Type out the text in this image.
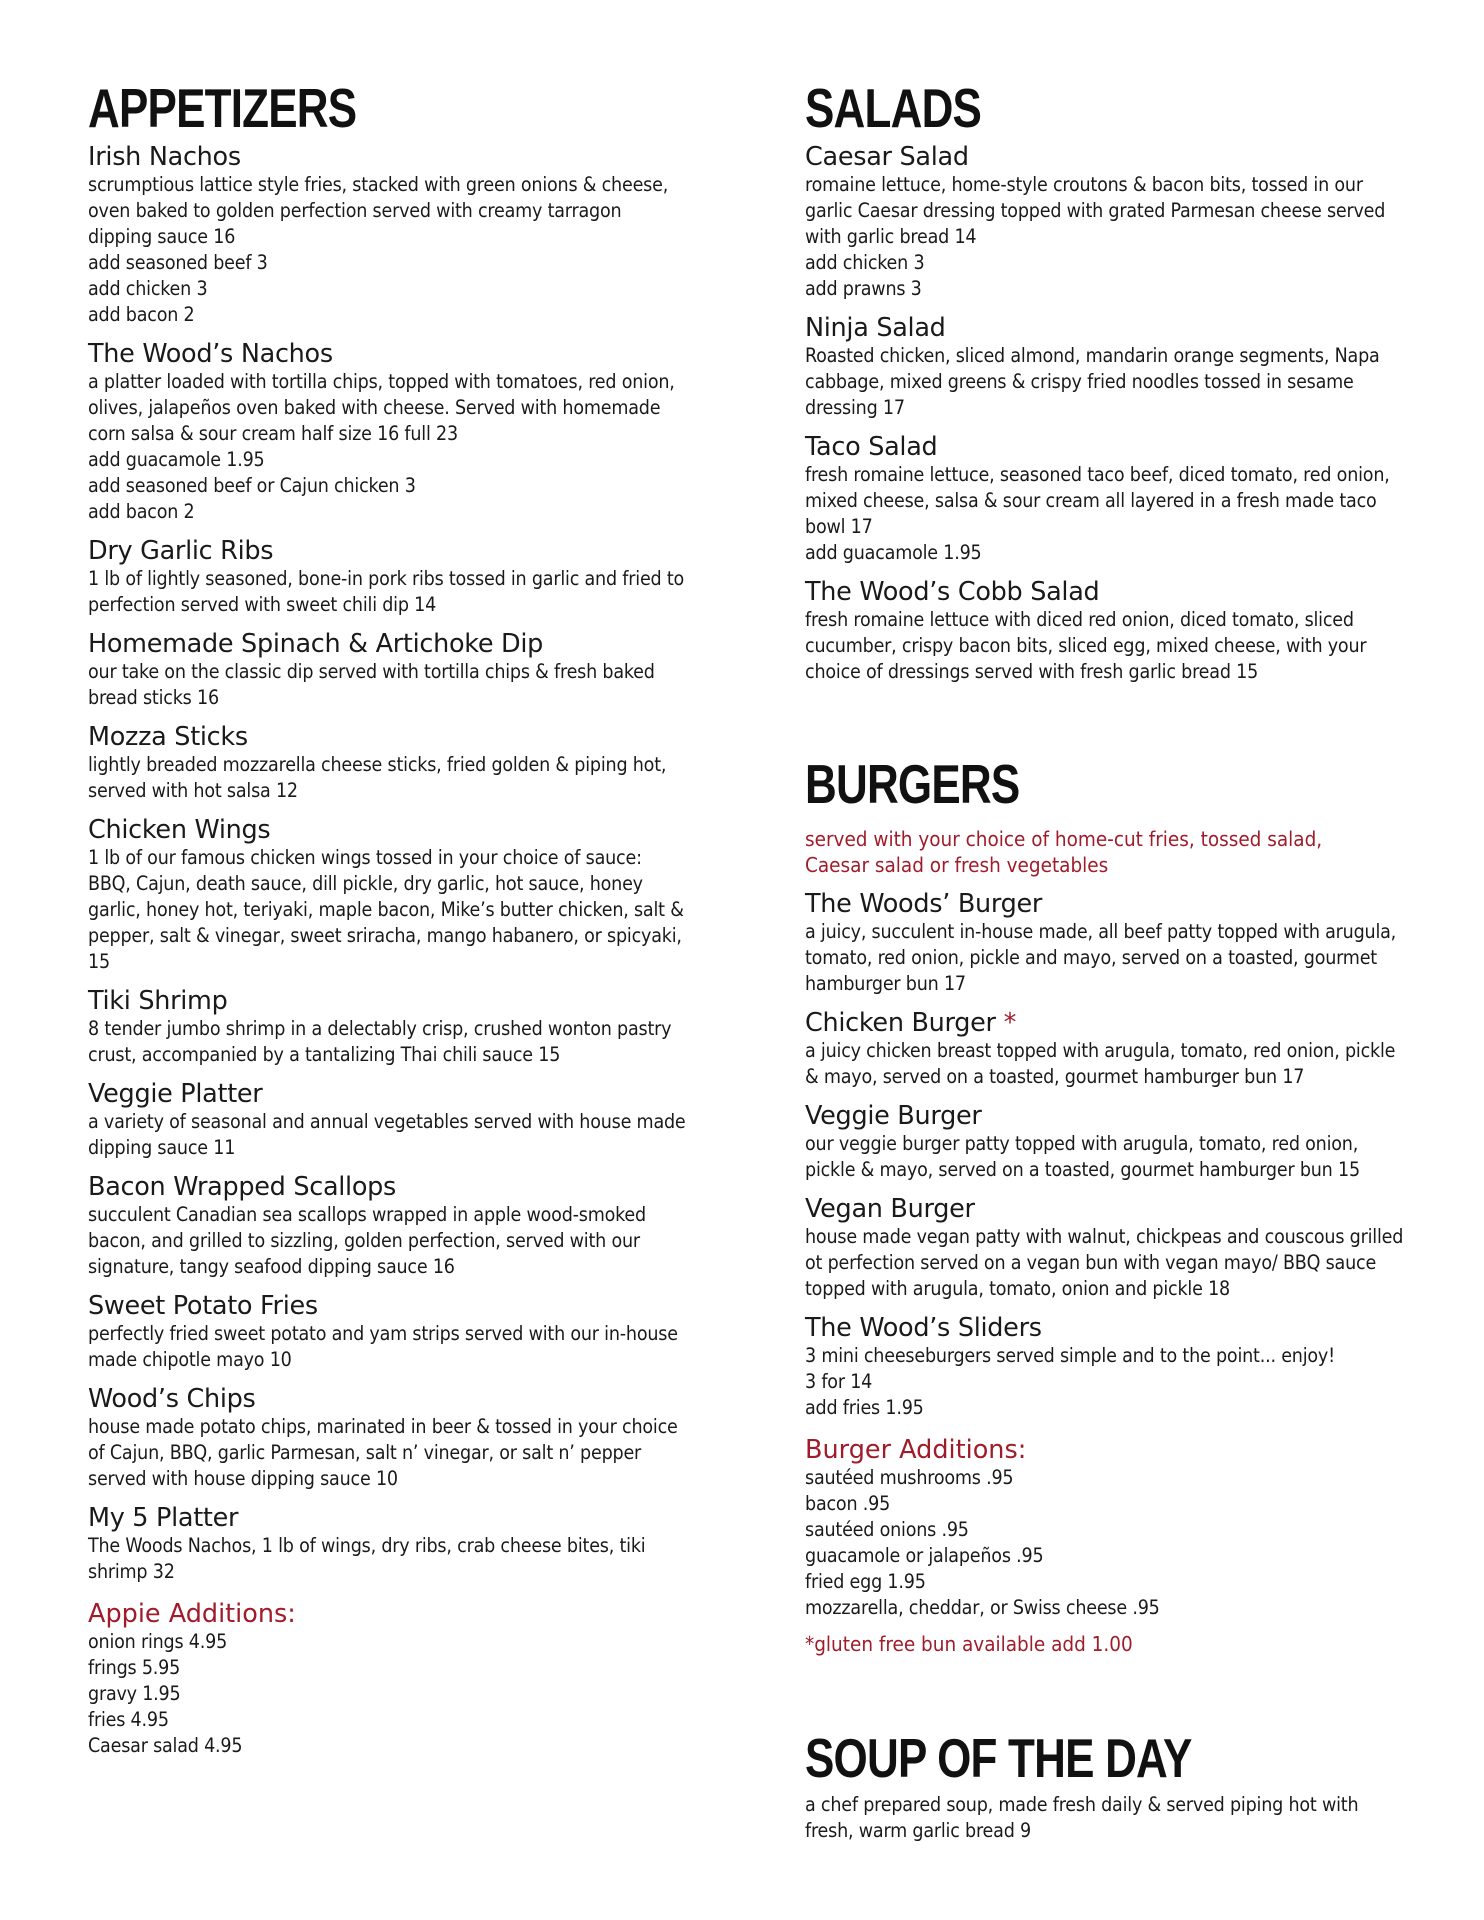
APPETIZERS
Irish Nachos
scrumptious lattice style fries, stacked with green onions & cheese, oven baked to golden perfection served with creamy tarragon dipping sauce 16
add seasoned beef 3
add chicken 3
add bacon 2
The Wood’s Nachos
a platter loaded with tortilla chips, topped with tomatoes, red onion, olives, jalapeños oven baked with cheese. Served with homemade corn salsa & sour cream half size 16 full 23
add guacamole 1.95
add seasoned beef or Cajun chicken 3
add bacon 2
Dry Garlic Ribs
1 lb of lightly seasoned, bone-in pork ribs tossed in garlic and fried to perfection served with sweet chili dip 14
Homemade Spinach & Artichoke Dip
our take on the classic dip served with tortilla chips & fresh baked bread sticks 16
Mozza Sticks
lightly breaded mozzarella cheese sticks, fried golden & piping hot, served with hot salsa 12
Chicken Wings
1 lb of our famous chicken wings tossed in your choice of sauce: BBQ, Cajun, death sauce, dill pickle, dry garlic, hot sauce, honey garlic, honey hot, teriyaki, maple bacon, Mike’s butter chicken, salt & pepper, salt & vinegar, sweet sriracha, mango habanero, or spicyaki, 15
Tiki Shrimp
8 tender jumbo shrimp in a delectably crisp, crushed wonton pastry crust, accompanied by a tantalizing Thai chili sauce 15
Veggie Platter
a variety of seasonal and annual vegetables served with house made dipping sauce 11
Bacon Wrapped Scallops
succulent Canadian sea scallops wrapped in apple wood-smoked bacon, and grilled to sizzling, golden perfection, served with our signature, tangy seafood dipping sauce 16
Sweet Potato Fries
perfectly fried sweet potato and yam strips served with our in-house made chipotle mayo 10
Wood’s Chips
house made potato chips, marinated in beer & tossed in your choice of Cajun, BBQ, garlic Parmesan, salt n’ vinegar, or salt n’ pepper
served with house dipping sauce 10
My 5 Platter
The Woods Nachos, 1 lb of wings, dry ribs, crab cheese bites, tiki shrimp 32
Appie Additions:
onion rings 4.95
frings 5.95
gravy 1.95
fries 4.95
Caesar salad 4.95
SALADS
Caesar Salad
romaine lettuce, home-style croutons & bacon bits, tossed in our garlic Caesar dressing topped with grated Parmesan cheese served with garlic bread 14
add chicken 3
add prawns 3
Ninja Salad
Roasted chicken, sliced almond, mandarin orange segments, Napa cabbage, mixed greens & crispy fried noodles tossed in sesame dressing 17
Taco Salad
fresh romaine lettuce, seasoned taco beef, diced tomato, red onion, mixed cheese, salsa & sour cream all layered in a fresh made taco bowl 17
add guacamole 1.95
The Wood’s Cobb Salad
fresh romaine lettuce with diced red onion, diced tomato, sliced cucumber, crispy bacon bits, sliced egg, mixed cheese, with your choice of dressings served with fresh garlic bread 15
BURGERS
served with your choice of home-cut fries, tossed salad, Caesar salad or fresh vegetables
The Woods’ Burger
a juicy, succulent in-house made, all beef patty topped with arugula, tomato, red onion, pickle and mayo, served on a toasted, gourmet hamburger bun 17
Chicken Burger *
a juicy chicken breast topped with arugula, tomato, red onion, pickle & mayo, served on a toasted, gourmet hamburger bun 17
Veggie Burger
our veggie burger patty topped with arugula, tomato, red onion, pickle & mayo, served on a toasted, gourmet hamburger bun 15
Vegan Burger
house made vegan patty with walnut, chickpeas and couscous grilled ot perfection served on a vegan bun with vegan mayo/ BBQ sauce topped with arugula, tomato, onion and pickle 18
The Wood’s Sliders
3 mini cheeseburgers served simple and to the point... enjoy!
3 for 14
add fries 1.95
Burger Additions:
sautéed mushrooms .95
bacon .95
sautéed onions .95
guacamole or jalapeños .95
fried egg 1.95
mozzarella, cheddar, or Swiss cheese .95
*gluten free bun available add 1.00
SOUP OF THE DAY
a chef prepared soup, made fresh daily & served piping hot with fresh, warm garlic bread 9
